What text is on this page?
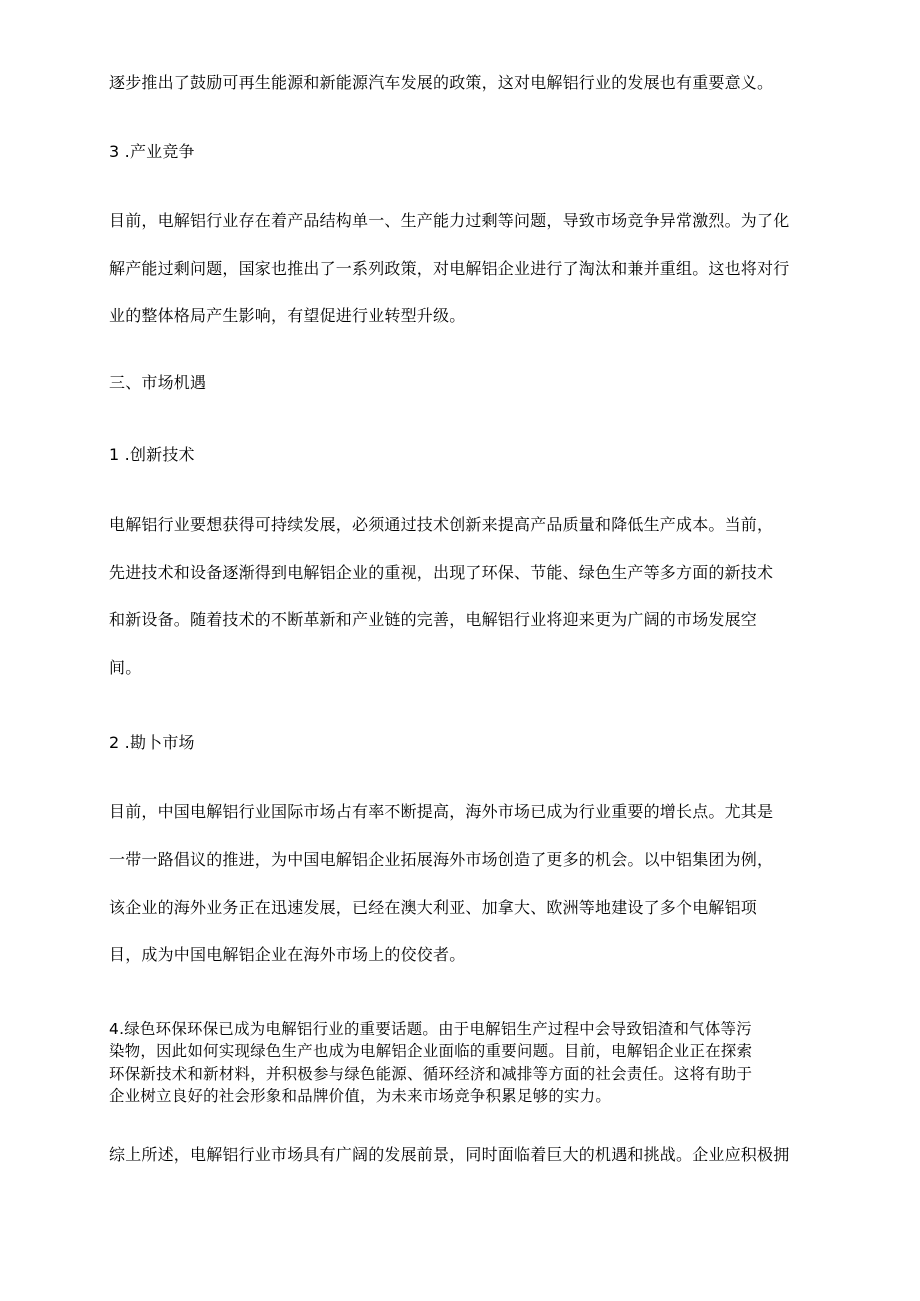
逐步推出了鼓励可再生能源和新能源汽车发展的政策，这对电解铝行业的发展也有重要意义。
3 .产业竞争
目前，电解铝行业存在着产品结构单一、生产能力过剩等问题，导致市场竞争异常激烈。为了化
解产能过剩问题，国家也推出了一系列政策，对电解铝企业进行了淘汰和兼并重组。这也将对行
业的整体格局产生影响，有望促进行业转型升级。
三、市场机遇
1 .创新技术
电解铝行业要想获得可持续发展，必须通过技术创新来提高产品质量和降低生产成本。当前，
先进技术和设备逐渐得到电解铝企业的重视，出现了环保、节能、绿色生产等多方面的新技术
和新设备。随着技术的不断革新和产业链的完善，电解铝行业将迎来更为广阔的市场发展空
间。
2 .勘卜市场
目前，中国电解铝行业国际市场占有率不断提高，海外市场已成为行业重要的增长点。尤其是
一带一路倡议的推进，为中国电解铝企业拓展海外市场创造了更多的机会。以中铝集团为例，
该企业的海外业务正在迅速发展，已经在澳大利亚、加拿大、欧洲等地建设了多个电解铝项
目，成为中国电解铝企业在海外市场上的佼佼者。
4.绿色环保环保已成为电解铝行业的重要话题。由于电解铝生产过程中会导致铝渣和气体等污
染物，因此如何实现绿色生产也成为电解铝企业面临的重要问题。目前，电解铝企业正在探索
环保新技术和新材料，并积极参与绿色能源、循环经济和减排等方面的社会责任。这将有助于
企业树立良好的社会形象和品牌价值，为未来市场竞争积累足够的实力。
综上所述，电解铝行业市场具有广阔的发展前景，同时面临着巨大的机遇和挑战。企业应积极拥
